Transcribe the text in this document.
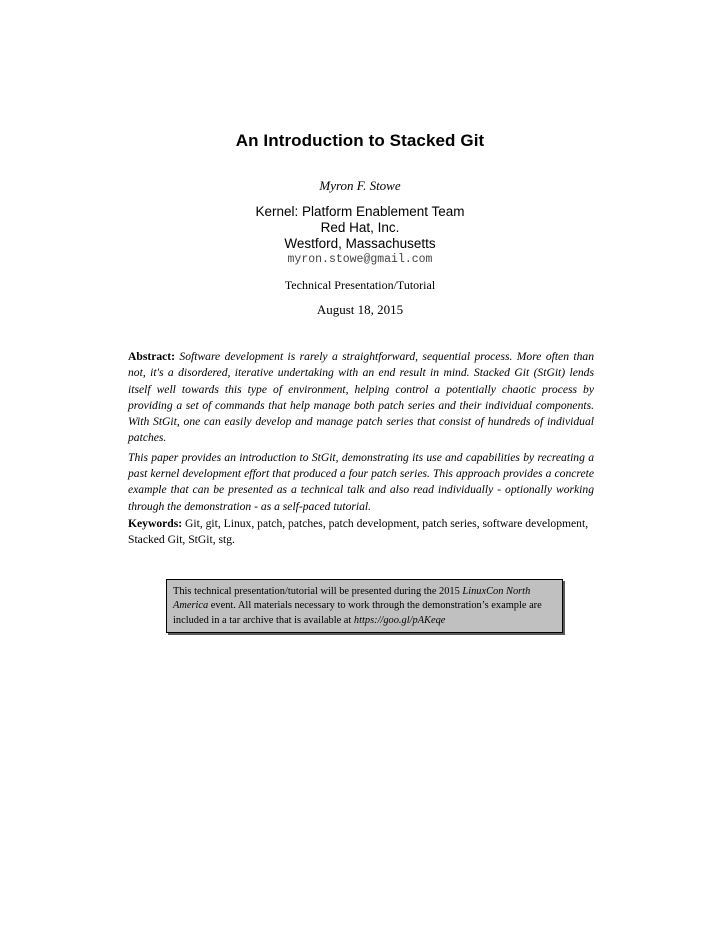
An Introduction to Stacked Git
Myron F. Stowe
Kernel: Platform Enablement Team
Red Hat, Inc.
Westford, Massachusetts
myron.stowe@gmail.com
Technical Presentation/Tutorial
August 18, 2015

Abstract: Software development is rarely a straightforward, sequential process. More often than not, it's a disordered, iterative undertaking with an end result in mind. Stacked Git (StGit) lends itself well towards this type of environment, helping control a potentially chaotic process by providing a set of commands that help manage both patch series and their individual components. With StGit, one can easily develop and manage patch series that consist of hundreds of individual patches.

This paper provides an introduction to StGit, demonstrating its use and capabilities by recreating a past kernel development effort that produced a four patch series. This approach provides a concrete example that can be presented as a technical talk and also read individually - optionally working through the demonstration - as a self-paced tutorial.

Keywords: Git, git, Linux, patch, patches, patch development, patch series, software development, Stacked Git, StGit, stg.
This technical presentation/tutorial will be presented during the 2015 LinuxCon North America event. All materials necessary to work through the demonstration’s example are included in a tar archive that is available at https://goo.gl/pAKeqe
